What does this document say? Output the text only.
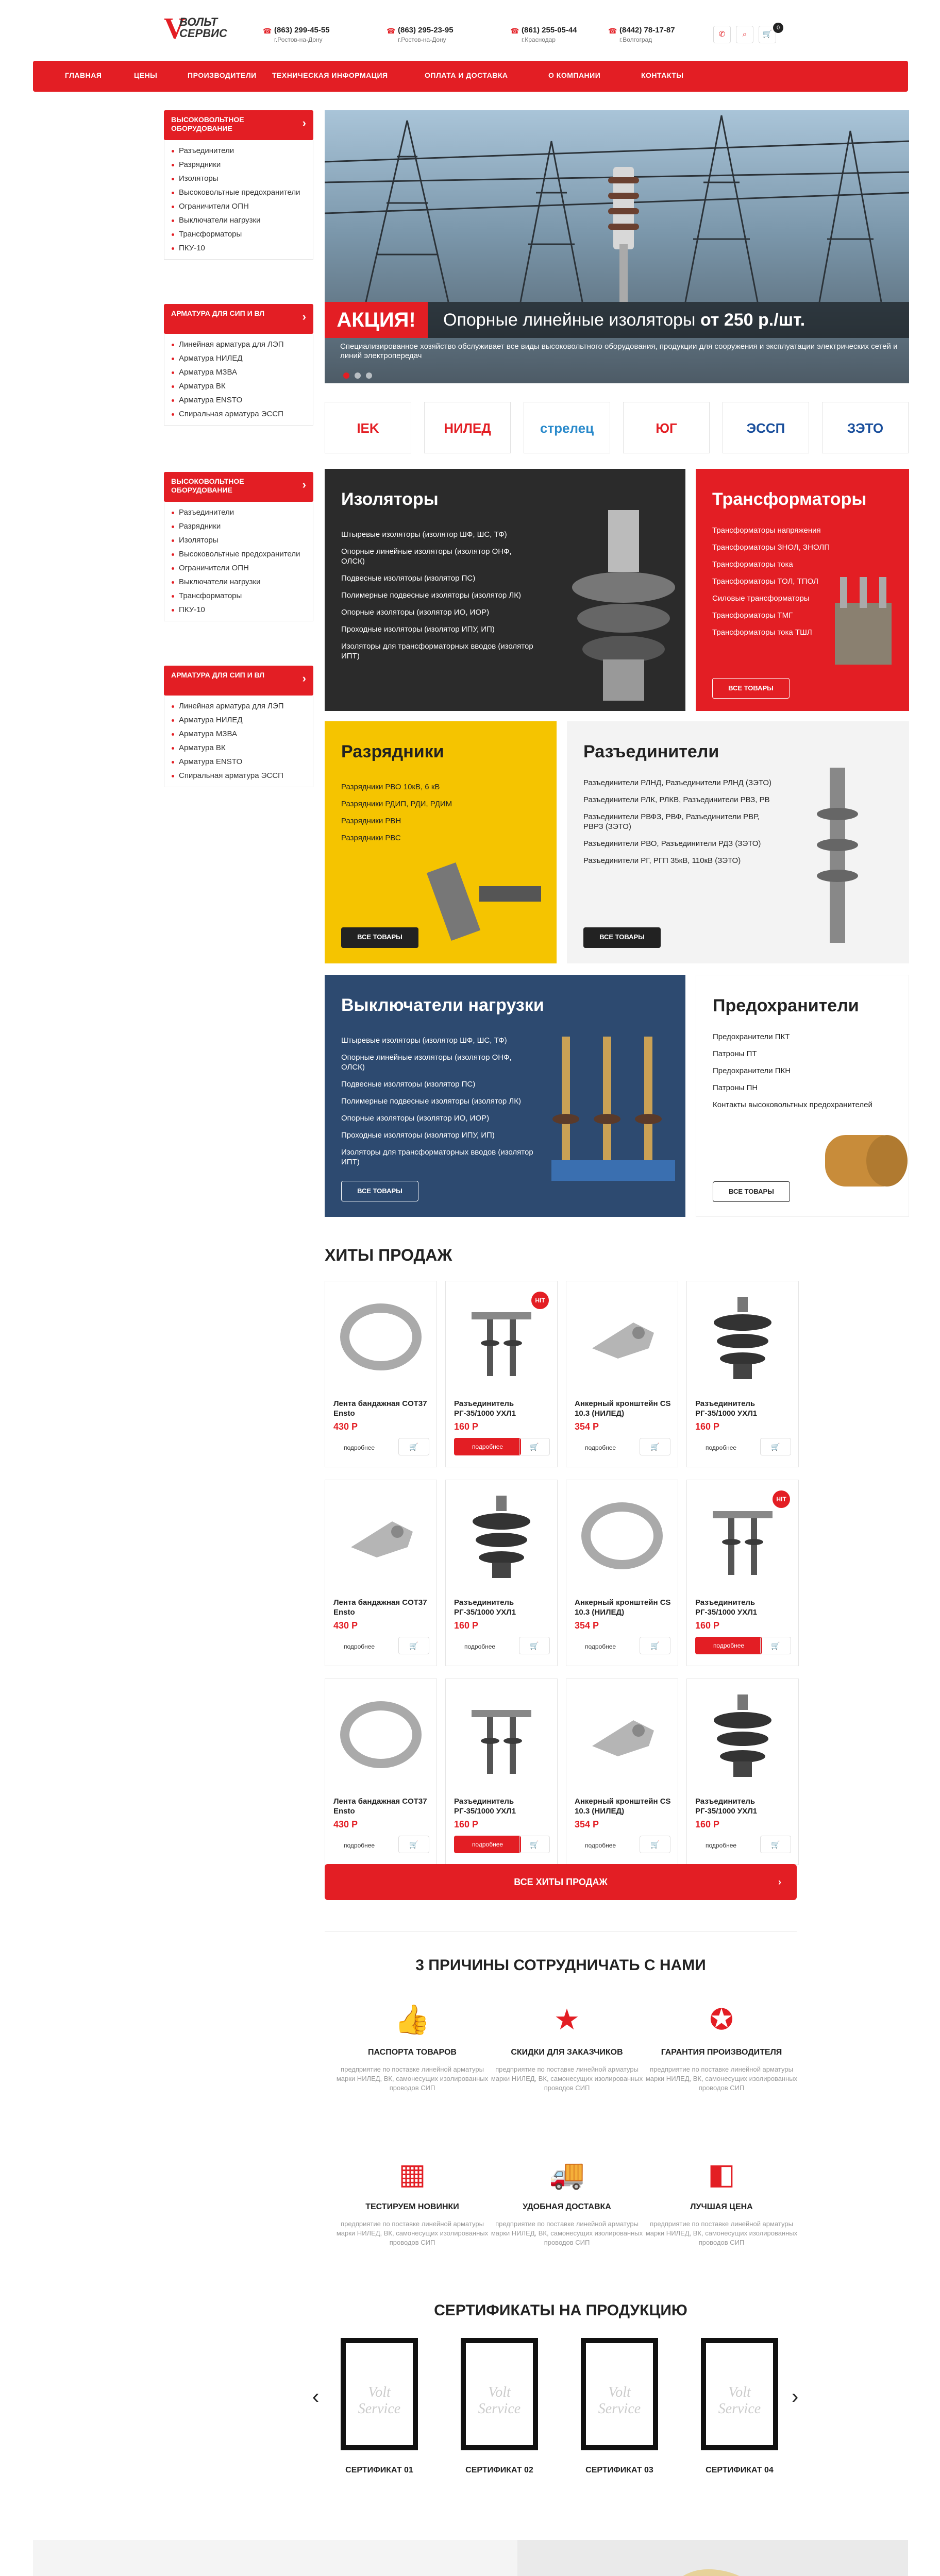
V
ВОЛЬТ
СЕРВИС	☎ (863) 299-45-55
г.Ростов-на-Дону
☎ (863) 295-23-95
г.Ростов-на-Дону
☎ (861) 255-05-44
г.Краснодар
☎ (8442) 78-17-87
г.Волгоград
✆	⌕	🛒
0
ГЛАВНАЯ	ЦЕНЫ	ПРОИЗВОДИТЕЛИ ТЕХНИЧЕСКАЯ ИНФОРМАЦИЯ	ОПЛАТА И ДОСТАВКА	О КОМПАНИИ	КОНТАКТЫ
ВЫСОКОВОЛЬТНОЕ ОБОРУДОВАНИЕ ›
Разъединители
Разрядники
Изоляторы
Высоковольтные предохранители
Ограничители ОПН
Выключатели нагрузки
Трансформаторы
ПКУ-10
АРМАТУРА ДЛЯ СИП И ВЛ ›
Линейная арматура для ЛЭП
Арматура НИЛЕД
Арматура МЗВА
Арматура ВК
Арматура ENSTO
Спиральная арматура ЭССП
ВЫСОКОВОЛЬТНОЕ ОБОРУДОВАНИЕ ›
Разъединители
Разрядники
Изоляторы
Высоковольтные предохранители
Ограничители ОПН
Выключатели нагрузки
Трансформаторы
ПКУ-10
АРМАТУРА ДЛЯ СИП И ВЛ ›
Линейная арматура для ЛЭП
Арматура НИЛЕД
Арматура МЗВА
Арматура ВК
Арматура ENSTO
Спиральная арматура ЭССП
АКЦИЯ!	Опорные линейные изоляторы от 250 р./шт.
Специализированное хозяйство обслуживает все виды высоковольтного оборудования, продукции для сооружения и эксплуатации электрических сетей и линий электропередач
IEK	НИЛЕД	стрелец	ЮГ	ЭССП	ЗЭТО
Изоляторы
Штыревые изоляторы (изолятор ШФ, ШС, ТФ)
Опорные линейные изоляторы (изолятор ОНФ, ОЛСК)
Подвесные изоляторы (изолятор ПС)
Полимерные подвесные изоляторы (изолятор ЛК)
Опорные изоляторы (изолятор ИО, ИОР)
Проходные изоляторы (изолятор ИПУ, ИП)
Изоляторы для трансформаторных вводов (изолятор ИПТ)
Трансформаторы
Трансформаторы напряжения
Трансформаторы ЗНОЛ, ЗНОЛП
Трансформаторы тока
Трансформаторы ТОЛ, ТПОЛ
Силовые трансформаторы
Трансформаторы ТМГ
Трансформаторы тока ТШЛ
ВСЕ ТОВАРЫ
Разрядники
Разрядники РВО 10кВ, 6 кВ
Разрядники РДИП, РДИ, РДИМ
Разрядники РВН
Разрядники РВС
ВСЕ ТОВАРЫ
Разъединители
Разъединители РЛНД, Разъединители РЛНД (ЗЭТО)
Разъединители РЛК, РЛКВ, Разъединители РВЗ, РВ
Разъединители РВФЗ, РВФ, Разъединители РВР, РВРЗ (ЗЭТО)
Разъединители РВО, Разъединители РДЗ (ЗЭТО)
Разъединители РГ, РГП 35кВ, 110кВ (ЗЭТО)
ВСЕ ТОВАРЫ
Выключатели нагрузки
Штыревые изоляторы (изолятор ШФ, ШС, ТФ)
Опорные линейные изоляторы (изолятор ОНФ, ОЛСК)
Подвесные изоляторы (изолятор ПС)
Полимерные подвесные изоляторы (изолятор ЛК)
Опорные изоляторы (изолятор ИО, ИОР)
Проходные изоляторы (изолятор ИПУ, ИП)
Изоляторы для трансформаторных вводов (изолятор ИПТ)
ВСЕ ТОВАРЫ
Предохранители
Предохранители ПКТ
Патроны ПТ
Предохранители ПКН
Патроны ПН
Контакты высоковольтных предохранителей
ВСЕ ТОВАРЫ
ХИТЫ ПРОДАЖ
Лента бандажная COT37 Ensto
430 Р
подробнее	🛒
HIT
Разъединитель РГ-35/1000 УХЛ1
160 Р
подробнее	🛒
Анкерный кронштейн CS 10.3 (НИЛЕД)
354 Р
подробнее	🛒
Разъединитель РГ-35/1000 УХЛ1
160 Р
подробнее	🛒
Лента бандажная COT37 Ensto
430 Р
подробнее	🛒
Разъединитель РГ-35/1000 УХЛ1
160 Р
подробнее	🛒
Анкерный кронштейн CS 10.3 (НИЛЕД)
354 Р
подробнее	🛒
HIT
Разъединитель РГ-35/1000 УХЛ1
160 Р
подробнее	🛒
Лента бандажная COT37 Ensto
430 Р
подробнее	🛒
Разъединитель РГ-35/1000 УХЛ1
160 Р
подробнее	🛒
Анкерный кронштейн CS 10.3 (НИЛЕД)
354 Р
подробнее	🛒
Разъединитель РГ-35/1000 УХЛ1
160 Р
подробнее	🛒
ВСЕ ХИТЫ ПРОДАЖ	›
3 ПРИЧИНЫ СОТРУДНИЧАТЬ С НАМИ
👍
ПАСПОРТА ТОВАРОВ
предприятие по поставке линейной арматуры марки НИЛЕД, ВК, самонесущих изолированных проводов СИП
★
СКИДКИ ДЛЯ ЗАКАЗЧИКОВ
предприятие по поставке линейной арматуры марки НИЛЕД, ВК, самонесущих изолированных проводов СИП
✪
ГАРАНТИЯ ПРОИЗВОДИТЕЛЯ
предприятие по поставке линейной арматуры марки НИЛЕД, ВК, самонесущих изолированных проводов СИП
▦
ТЕСТИРУЕМ НОВИНКИ
предприятие по поставке линейной арматуры марки НИЛЕД, ВК, самонесущих изолированных проводов СИП
🚚
УДОБНАЯ ДОСТАВКА
предприятие по поставке линейной арматуры марки НИЛЕД, ВК, самонесущих изолированных проводов СИП
◧
ЛУЧШАЯ ЦЕНА
предприятие по поставке линейной арматуры марки НИЛЕД, ВК, самонесущих изолированных проводов СИП
СЕРТИФИКАТЫ НА ПРОДУКЦИЮ
‹	›
Volt Service
СЕРТИФИКАТ 01
Volt Service
СЕРТИФИКАТ 02
Volt Service
СЕРТИФИКАТ 03
Volt Service
СЕРТИФИКАТ 04
